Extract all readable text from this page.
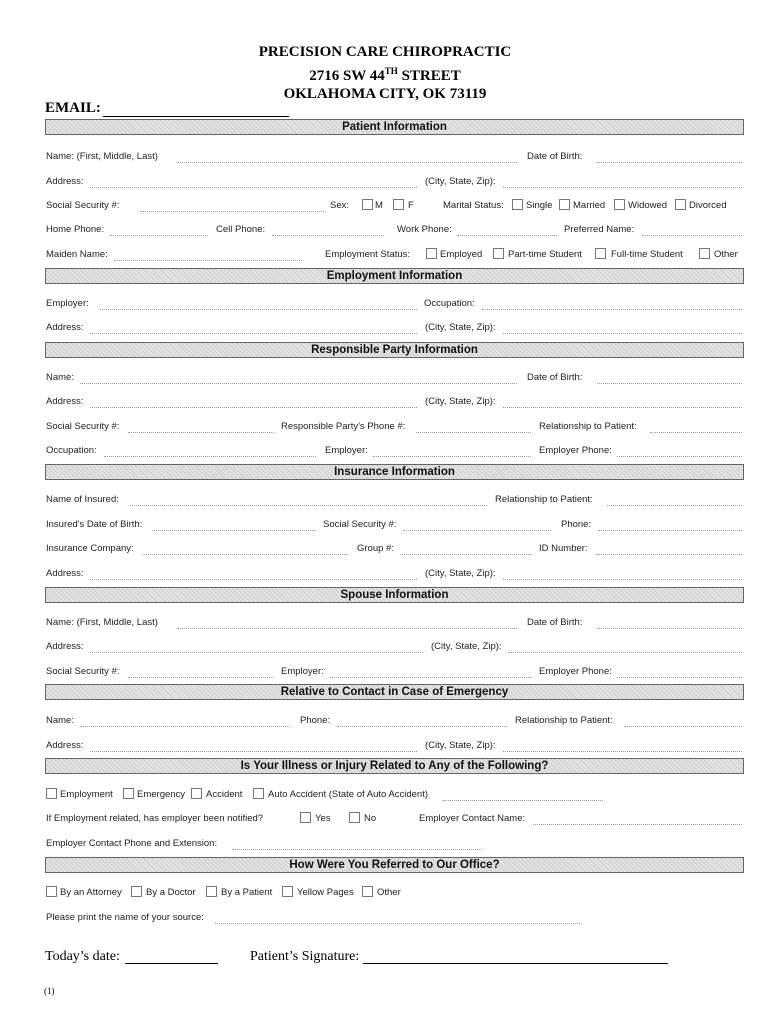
PRECISION CARE CHIROPRACTIC
2716 SW 44TH STREET
OKLAHOMA CITY, OK 73119
EMAIL:
Patient Information
Name: (First, Middle, Last)	Date of Birth:
Address:	(City, State, Zip):
Social Security #:	Sex:	M	F	Marital Status: Single Married Widowed Divorced
Home Phone:	Cell Phone:	Work Phone:	Preferred Name:
Maiden Name:	Employment Status:	Employed	Part-time Student	Full-time Student	Other
Employment Information
Employer:	Occupation:
Address:	(City, State, Zip):
Responsible Party Information
Name:	Date of Birth:
Address:	(City, State, Zip):
Social Security #:	Responsible Party's Phone #:	Relationship to Patient:
Occupation:	Employer:	Employer Phone:
Insurance Information
Name of Insured:	Relationship to Patient:
Insured's Date of Birth:	Social Security #:	Phone:
Insurance Company:	Group #:	ID Number:
Address:	(City, State, Zip):
Spouse Information
Name: (First, Middle, Last)	Date of Birth:
Address:	(City, State, Zip):
Social Security #:	Employer:	Employer Phone:
Relative to Contact in Case of Emergency
Name:	Phone:	Relationship to Patient:
Address:	(City, State, Zip):
Is Your Illness or Injury Related to Any of the Following?
Employment	Emergency Accident	Auto Accident (State of Auto Accident)
If Employment related, has employer been notified?	Yes	No	Employer Contact Name:
Employer Contact Phone and Extension:
How Were You Referred to Our Office?
By an Attorney	By a Doctor	By a Patient	Yellow Pages Other
Please print the name of your source:
Today’s date:	Patient’s Signature:
(1)
